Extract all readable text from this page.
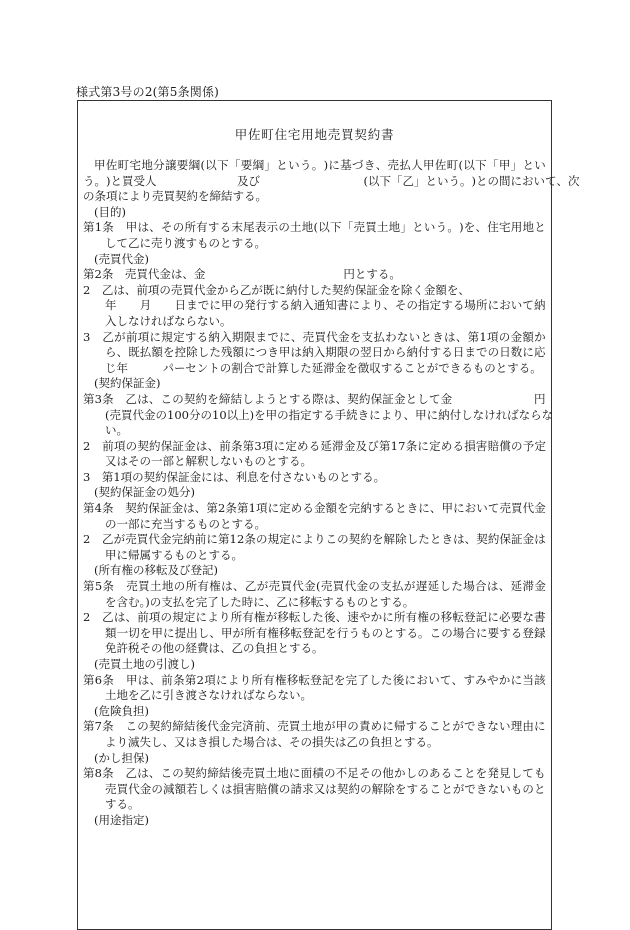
様式第3号の2(第5条関係)
甲佐町住宅用地売買契約書
甲 佐 町 宅 地 分 譲 要 綱 ( 以 下 「 要 綱 」 と い う 。 ) に 基 づ き 、 売 払 人 甲 佐 町 ( 以 下 「 甲 」 と い
う 。 ) と 買 受 人

　	及 び

　	( 以 下 「 乙 」 と い う 。 ) と の 間 に お い て 、 次
の条項により売買契約を締結する。
(目的)
第 1 条
　 甲 は 、 そ の 所 有 す る 末 尾 表 示 の 土 地 ( 以 下 「 売 買 土 地 」 と い う 。 ) を 、 住 宅 用 地 と
して乙に売り渡すものとする。
(売買代金)
第2条　売買代金は、金　　　　　　　　　　　　円とする。
2　乙は、前項の売買代金から乙が既に納付した契約保証金を除く金額を、
年

　 月

　 日 ま で に 甲 の 発 行 す る 納 入 通 知 書 に よ り 、 そ の 指 定 す る 場 所 に お い て 納
入しなければならない。
3
　 乙 が 前 項 に 規 定 す る 納 入 期 限 ま で に 、 売 買 代 金 を 支 払 わ な い と き は 、 第 1 項 の 金 額 か
ら 、 既 払 額 を 控 除 し た 残 額 に つ き 甲 は 納 入 期 限 の 翌 日 か ら 納 付 す る 日 ま で の 日 数 に 応
じ年　　　パーセントの割合で計算した延滞金を徴収することができるものとする。
(契約保証金)
第 3 条
　 乙 は 、 こ の 契 約 を 締 結 し よ う と す る 際 は 、 契 約 保 証 金 と し て 金

　	円
( 売 買 代 金 の 1 0 0 分 の 1 0 以 上 ) を 甲 の 指 定 す る 手 続 き に よ り 、 甲 に 納 付 し な け れ ば な ら な
い。
2
　 前 項 の 契 約 保 証 金 は 、 前 条 第 3 項 に 定 め る 延 滞 金 及 び 第 1 7 条 に 定 め る 損 害 賠 償 の 予 定
又はその一部と解釈しないものとする。
3　第1項の契約保証金には、利息を付さないものとする。
(契約保証金の処分)
第 4 条
　 契 約 保 証 金 は 、 第 2 条 第 1 項 に 定 め る 金 額 を 完 納 す る と き に 、 甲 に お い て 売 買 代 金
の一部に充当するものとする。
2
　 乙 が 売 買 代 金 完 納 前 に 第 1 2 条 の 規 定 に よ り こ の 契 約 を 解 除 し た と き は 、 契 約 保 証 金 は
甲に帰属するものとする。
(所有権の移転及び登記)
第 5 条
　 売 買 土 地 の 所 有 権 は 、 乙 が 売 買 代 金 ( 売 買 代 金 の 支 払 が 遅 延 し た 場 合 は 、 延 滞 金
を含む。)の支払を完了した時に、乙に移転するものとする。
2
　 乙 は 、 前 項 の 規 定 に よ り 所 有 権 が 移 転 し た 後 、 速 や か に 所 有 権 の 移 転 登 記 に 必 要 な 書
類 一 切 を 甲 に 提 出 し 、 甲 が 所 有 権 移 転 登 記 を 行 う も の と す る 。 こ の 場 合 に 要 す る 登 録
免許税その他の経費は、乙の負担とする。
(売買土地の引渡し)
第 6 条
　 甲 は 、 前 条 第 2 項 に よ り 所 有 権 移 転 登 記 を 完 了 し た 後 に お い て 、 す み や か に 当 該
土地を乙に引き渡さなければならない。
(危険負担)
第 7 条
　 こ の 契 約 締 結 後 代 金 完 済 前 、 売 買 土 地 が 甲 の 責 め に 帰 す る こ と が で き な い 理 由 に
より滅失し、又はき損した場合は、その損失は乙の負担とする。
(かし担保)
第 8 条
　 乙 は 、 こ の 契 約 締 結 後 売 買 土 地 に 面 積 の 不 足 そ の 他 か し の あ る こ と を 発 見 し て も
売 買 代 金 の 減 額 若 し く は 損 害 賠 償 の 請 求 又 は 契 約 の 解 除 を す る こ と が で き な い も の と
する。
(用途指定)
